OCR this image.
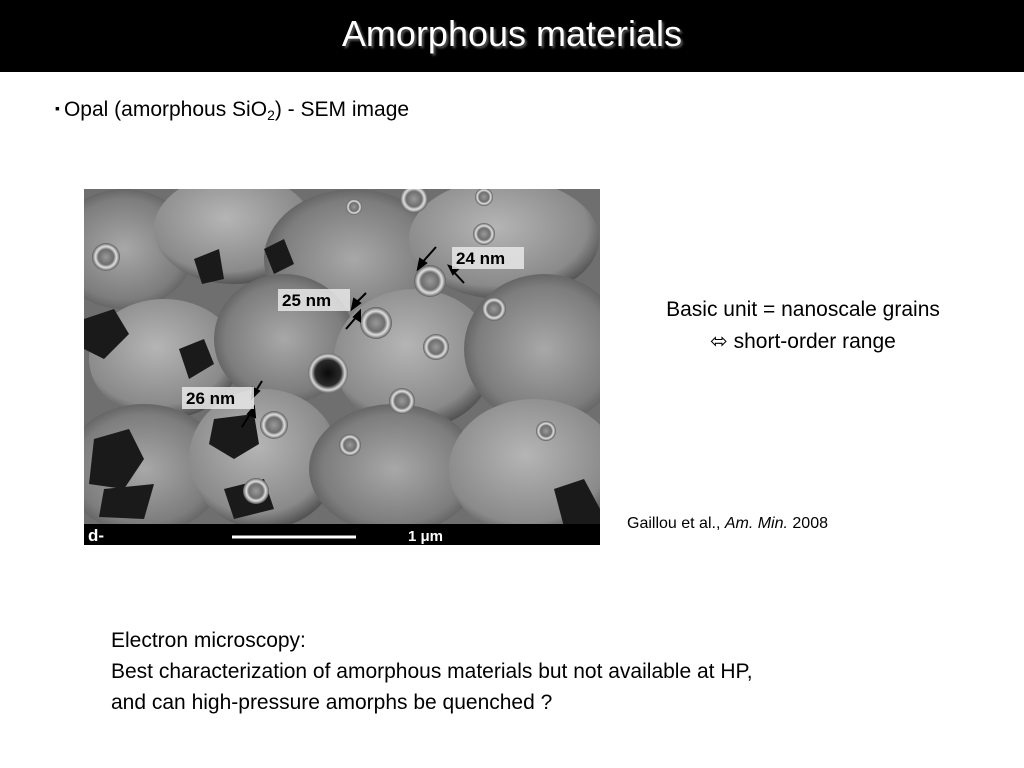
Amorphous materials
▪ Opal (amorphous SiO$_2$) - SEM image
24 nm
25 nm
26 nm
d-	1 μm
Basic unit = nanoscale grains
⬄ short-order range
Gaillou et al., Am. Min. 2008
Electron microscopy:
Best characterization of amorphous materials but not available at HP,
and can high-pressure amorphs be quenched ?
